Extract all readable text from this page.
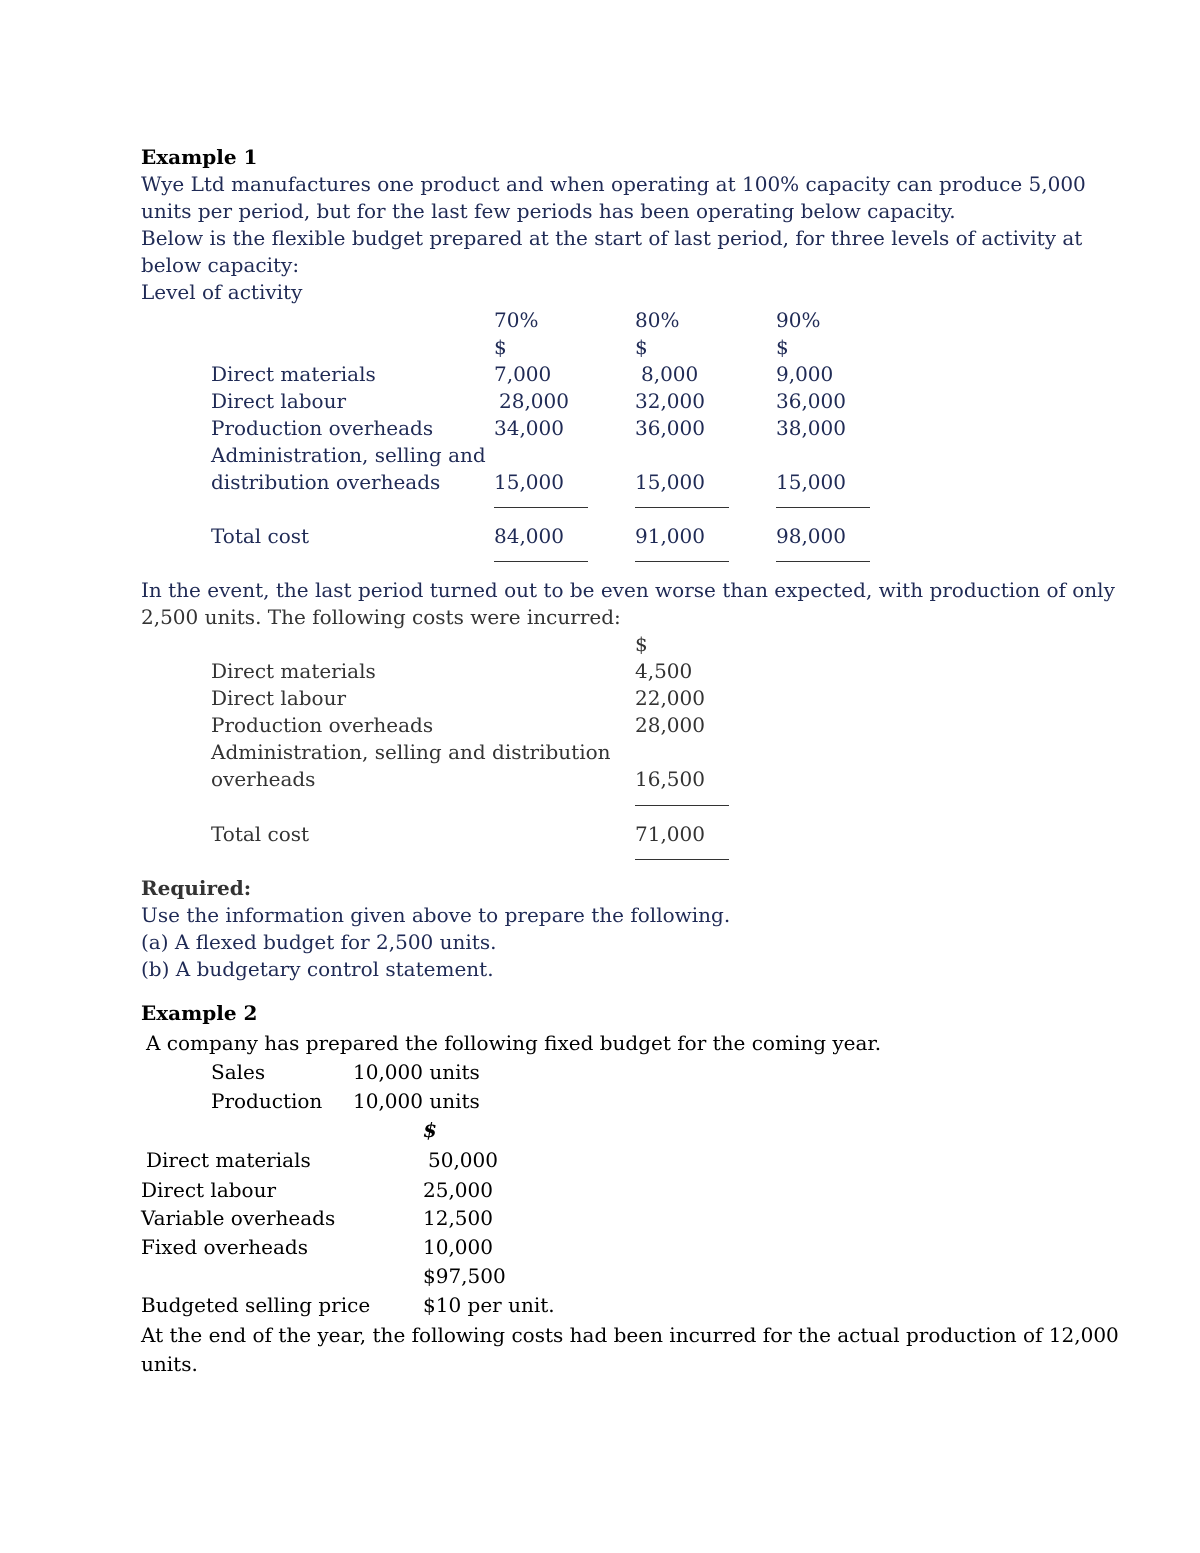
Example 1
Wye Ltd manufactures one product and when operating at 100% capacity can produce 5,000
units per period, but for the last few periods has been operating below capacity.
Below is the flexible budget prepared at the start of last period, for three levels of activity at
below capacity:
Level of activity
70%	80%	90%
$	$	$
Direct materials	7,000	8,000	9,000
Direct labour	28,000	32,000	36,000
Production overheads	34,000	36,000	38,000
Administration, selling and
distribution overheads	15,000	15,000	15,000
Total cost	84,000	91,000	98,000
In the event, the last period turned out to be even worse than expected, with production of only
2,500 units. The following costs were incurred:
$
Direct materials	4,500
Direct labour	22,000
Production overheads	28,000
Administration, selling and distribution
overheads	16,500
Total cost	71,000
Required:
Use the information given above to prepare the following.
(a) A flexed budget for 2,500 units.
(b) A budgetary control statement.
Example 2
A company has prepared the following fixed budget for the coming year.
Sales	10,000 units
Production 10,000 units
$
Direct materials	50,000
Direct labour	25,000
Variable overheads	12,500
Fixed overheads	10,000
$97,500
Budgeted selling price	$10 per unit.
At the end of the year, the following costs had been incurred for the actual production of 12,000
units.
